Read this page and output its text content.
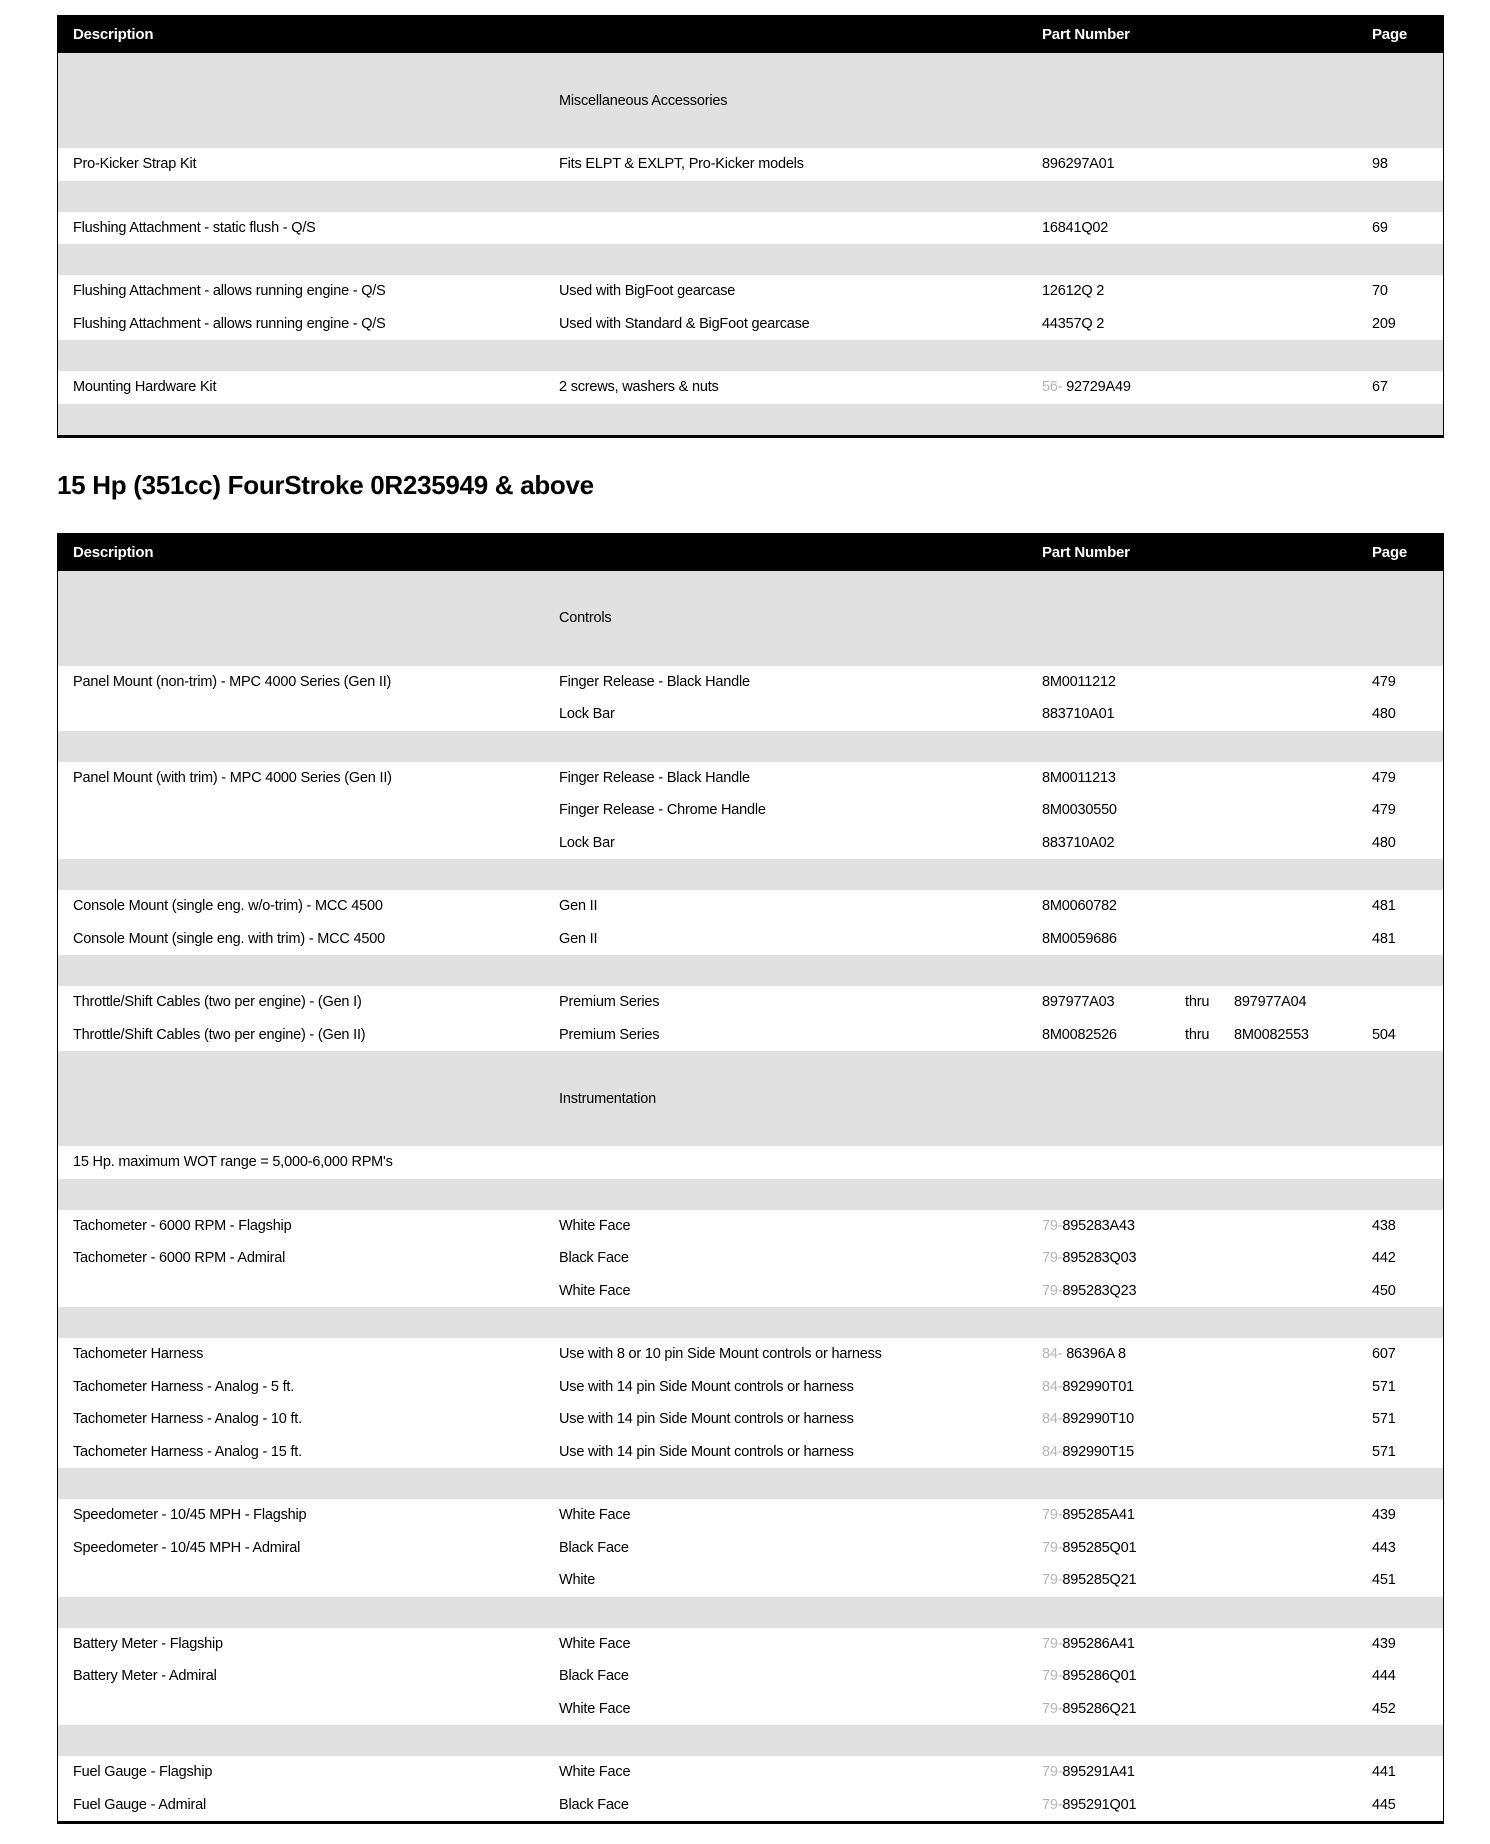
Description	Part Number	Page
Miscellaneous Accessories
Pro-Kicker Strap Kit	Fits ELPT & EXLPT, Pro-Kicker models	896297A01	98
Flushing Attachment - static flush - Q/S	16841Q02	69
Flushing Attachment - allows running engine - Q/S	Used with BigFoot gearcase	12612Q 2	70
Flushing Attachment - allows running engine - Q/S	Used with Standard & BigFoot gearcase	44357Q 2	209
Mounting Hardware Kit	2 screws, washers & nuts	56- 92729A49	67
15 Hp (351cc) FourStroke 0R235949 & above
Description	Part Number	Page
Controls
Panel Mount (non-trim) - MPC 4000 Series (Gen II)	Finger Release - Black Handle	8M0011212	479
Lock Bar	883710A01	480
Panel Mount (with trim) - MPC 4000 Series (Gen II)	Finger Release - Black Handle	8M0011213	479
Finger Release - Chrome Handle	8M0030550	479
Lock Bar	883710A02	480
Console Mount (single eng. w/o-trim) - MCC 4500	Gen II	8M0060782	481
Console Mount (single eng. with trim) - MCC 4500	Gen II	8M0059686	481
Throttle/Shift Cables (two per engine) - (Gen I)	Premium Series	897977A03	thru	897977A04
Throttle/Shift Cables (two per engine) - (Gen II)	Premium Series	8M0082526	thru	8M0082553	504
Instrumentation
15 Hp. maximum WOT range = 5,000-6,000 RPM's
Tachometer - 6000 RPM - Flagship	White Face	79-895283A43	438
Tachometer - 6000 RPM - Admiral	Black Face	79-895283Q03	442
White Face	79-895283Q23	450
Tachometer Harness	Use with 8 or 10 pin Side Mount controls or harness	84- 86396A 8	607
Tachometer Harness - Analog - 5 ft.	Use with 14 pin Side Mount controls or harness	84-892990T01	571
Tachometer Harness - Analog - 10 ft.	Use with 14 pin Side Mount controls or harness	84-892990T10	571
Tachometer Harness - Analog - 15 ft.	Use with 14 pin Side Mount controls or harness	84-892990T15	571
Speedometer - 10/45 MPH - Flagship	White Face	79-895285A41	439
Speedometer - 10/45 MPH - Admiral	Black Face	79-895285Q01	443
White	79-895285Q21	451
Battery Meter - Flagship	White Face	79-895286A41	439
Battery Meter - Admiral	Black Face	79-895286Q01	444
White Face	79-895286Q21	452
Fuel Gauge - Flagship	White Face	79-895291A41	441
Fuel Gauge - Admiral	Black Face	79-895291Q01	445
